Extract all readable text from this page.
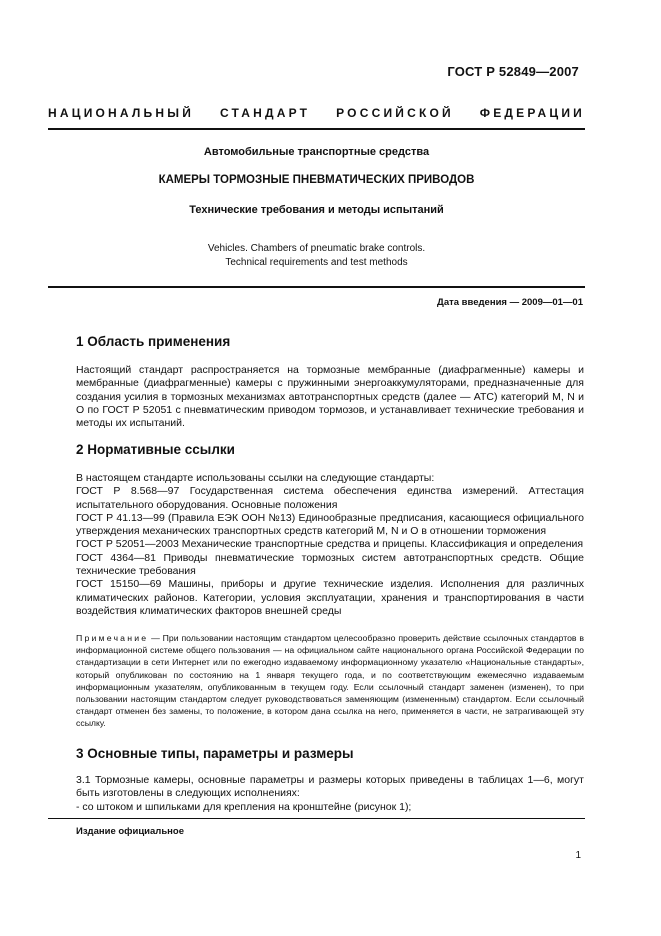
ГОСТ Р 52849—2007
НАЦИОНАЛЬНЫЙ СТАНДАРТ РОССИЙСКОЙ ФЕДЕРАЦИИ
Автомобильные транспортные средства
КАМЕРЫ ТОРМОЗНЫЕ ПНЕВМАТИЧЕСКИХ ПРИВОДОВ
Технические требования и методы испытаний
Vehicles. Chambers of pneumatic brake controls.
Technical requirements and test methods
Дата введения — 2009—01—01
1 Область применения

Настоящий стандарт распространяется на тормозные мембранные (диафрагменные) камеры и мембранные (диафрагменные) камеры с пружинными энергоаккумуляторами, предназначенные для создания усилия в тормозных механизмах автотранспортных средств (далее — АТС) категорий M, N и O по ГОСТ Р 52051 с пневматическим приводом тормозов, и устанавливает технические требования и методы их испытаний.

2 Нормативные ссылки

В настоящем стандарте использованы ссылки на следующие стандарты:

ГОСТ Р 8.568—97 Государственная система обеспечения единства измерений. Аттестация испытательного оборудования. Основные положения

ГОСТ Р 41.13—99 (Правила ЕЭК ООН №13) Единообразные предписания, касающиеся официального утверждения механических транспортных средств категорий M, N и O в отношении торможения

ГОСТ Р 52051—2003 Механические транспортные средства и прицепы. Классификация и определения

ГОСТ 4364—81 Приводы пневматические тормозных систем автотранспортных средств. Общие технические требования

ГОСТ 15150—69 Машины, приборы и другие технические изделия. Исполнения для различных климатических районов. Категории, условия эксплуатации, хранения и транспортирования в части воздействия климатических факторов внешней среды

Примечание — При пользовании настоящим стандартом целесообразно проверить действие ссылочных стандартов в информационной системе общего пользования — на официальном сайте национального органа Российской Федерации по стандартизации в сети Интернет или по ежегодно издаваемому информационному указателю «Национальные стандарты», который опубликован по состоянию на 1 января текущего года, и по соответствующим ежемесячно издаваемым информационным указателям, опубликованным в текущем году. Если ссылочный стандарт заменен (изменен), то при пользовании настоящим стандартом следует руководствоваться заменяющим (измененным) стандартом. Если ссылочный стандарт отменен без замены, то положение, в котором дана ссылка на него, применяется в части, не затрагивающей эту ссылку.
3 Основные типы, параметры и размеры

3.1 Тормозные камеры, основные параметры и размеры которых приведены в таблицах 1—6, могут быть изготовлены в следующих исполнениях:

- со штоком и шпильками для крепления на кронштейне (рисунок 1);

Издание официальное
1
